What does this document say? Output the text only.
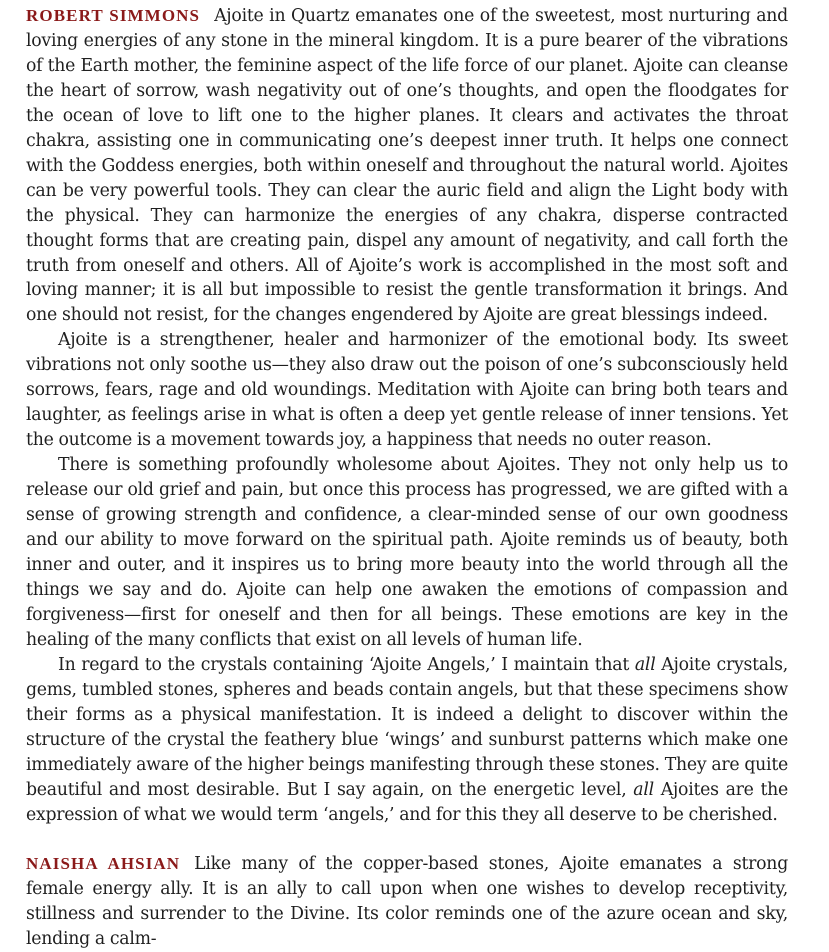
ROBERT SIMMONS Ajoite in Quartz emanates one of the sweetest, most nurturing and loving energies of any stone in the mineral kingdom. It is a pure bearer of the vibrations of the Earth mother, the feminine aspect of the life force of our planet. Ajoite can cleanse the heart of sorrow, wash negativity out of one’s thoughts, and open the floodgates for the ocean of love to lift one to the higher planes. It clears and activates the throat chakra, assisting one in communicating one’s deepest inner truth. It helps one connect with the Goddess energies, both within oneself and throughout the natural world. Ajoites can be very powerful tools. They can clear the auric field and align the Light body with the physical. They can harmonize the energies of any chakra, disperse contracted thought forms that are creating pain, dispel any amount of negativity, and call forth the truth from oneself and others. All of Ajoite’s work is accomplished in the most soft and loving manner; it is all but impossible to resist the gentle transformation it brings. And one should not resist, for the changes engendered by Ajoite are great blessings indeed.

Ajoite is a strengthener, healer and harmonizer of the emotional body. Its sweet vibrations not only soothe us—they also draw out the poison of one’s subconsciously held sorrows, fears, rage and old woundings. Meditation with Ajoite can bring both tears and laughter, as feelings arise in what is often a deep yet gentle release of inner tensions. Yet the outcome is a movement towards joy, a happiness that needs no outer reason.

There is something profoundly wholesome about Ajoites. They not only help us to release our old grief and pain, but once this process has progressed, we are gifted with a sense of growing strength and confidence, a clear-minded sense of our own goodness and our ability to move forward on the spiritual path. Ajoite reminds us of beauty, both inner and outer, and it inspires us to bring more beauty into the world through all the things we say and do. Ajoite can help one awaken the emotions of compassion and forgiveness—first for oneself and then for all beings. These emotions are key in the healing of the many conflicts that exist on all levels of human life.

In regard to the crystals containing ‘Ajoite Angels,’ I maintain that all Ajoite crystals, gems, tumbled stones, spheres and beads contain angels, but that these specimens show their forms as a physical manifestation. It is indeed a delight to discover within the structure of the crystal the feathery blue ‘wings’ and sunburst patterns which make one immediately aware of the higher beings manifesting through these stones. They are quite beautiful and most desirable. But I say again, on the energetic level, all Ajoites are the expression of what we would term ‘angels,’ and for this they all deserve to be cherished.

NAISHA AHSIAN Like many of the copper-based stones, Ajoite emanates a strong female energy ally. It is an ally to call upon when one wishes to develop receptivity, stillness and surrender to the Divine. Its color reminds one of the azure ocean and sky, lending a calm-
